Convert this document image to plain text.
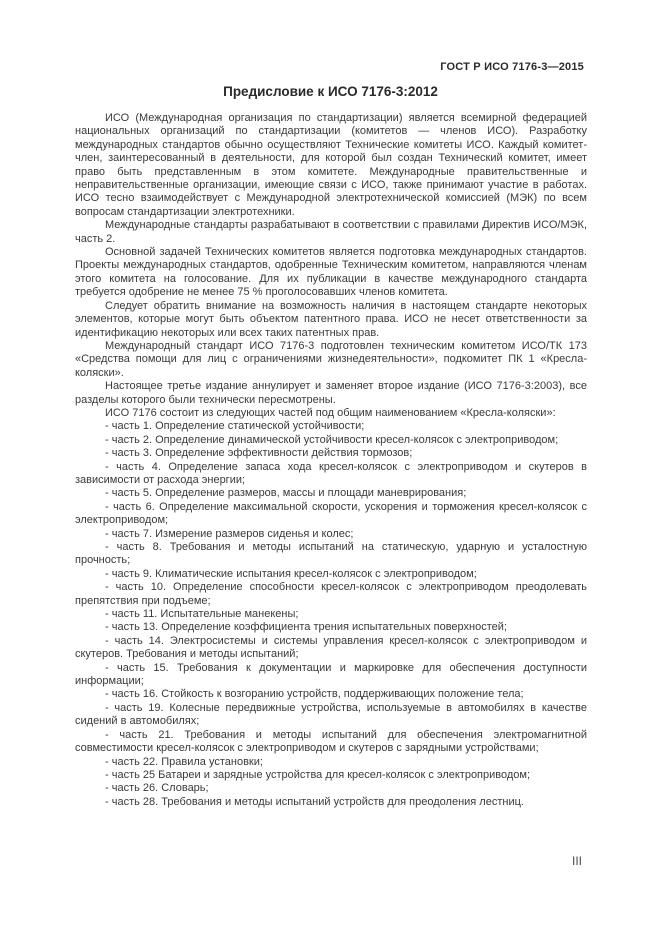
ГОСТ Р ИСО 7176-3—2015
Предисловие к ИСО 7176-3:2012

ИСО (Международная организация по стандартизации) является всемирной федерацией национальных организаций по стандартизации (комитетов — членов ИСО). Разработку международных стандартов обычно осуществляют Технические комитеты ИСО. Каждый комитет-член, заинтересованный в деятельности, для которой был создан Технический комитет, имеет право быть представленным в этом комитете. Международные правительственные и неправительственные организации, имеющие связи с ИСО, также принимают участие в работах. ИСО тесно взаимодействует с Международной электротехнической комиссией (МЭК) по всем вопросам стандартизации электротехники.

Международные стандарты разрабатывают в соответствии с правилами Директив ИСО/МЭК, часть 2.

Основной задачей Технических комитетов является подготовка международных стандартов. Проекты международных стандартов, одобренные Техническим комитетом, направляются членам этого комитета на голосование. Для их публикации в качестве международного стандарта требуется одобрение не менее 75 % проголосовавших членов комитета.

Следует обратить внимание на возможность наличия в настоящем стандарте некоторых элементов, которые могут быть объектом патентного права. ИСО не несет ответственности за идентификацию некоторых или всех таких патентных прав.

Международный стандарт ИСО 7176-3 подготовлен техническим комитетом ИСО/ТК 173 «Средства помощи для лиц с ограничениями жизнедеятельности», подкомитет ПК 1 «Кресла-коляски».

Настоящее третье издание аннулирует и заменяет второе издание (ИСО 7176-3:2003), все разделы которого были технически пересмотрены.

ИСО 7176 состоит из следующих частей под общим наименованием «Кресла-коляски»:

- часть 1. Определение статической устойчивости;

- часть 2. Определение динамической устойчивости кресел-колясок с электроприводом;

- часть 3. Определение эффективности действия тормозов;

- часть 4. Определение запаса хода кресел-колясок с электроприводом и скутеров в зависимости от расхода энергии;

- часть 5. Определение размеров, массы и площади маневрирования;

- часть 6. Определение максимальной скорости, ускорения и торможения кресел-колясок с электроприводом;

- часть 7. Измерение размеров сиденья и колес;

- часть 8. Требования и методы испытаний на статическую, ударную и усталостную прочность;

- часть 9. Климатические испытания кресел-колясок с электроприводом;

- часть 10. Определение способности кресел-колясок с электроприводом преодолевать препятствия при подъеме;

- часть 11. Испытательные манекены;

- часть 13. Определение коэффициента трения испытательных поверхностей;

- часть 14. Электросистемы и системы управления кресел-колясок с электроприводом и скутеров. Требования и методы испытаний;

- часть 15. Требования к документации и маркировке для обеспечения доступности информации;

- часть 16. Стойкость к возгоранию устройств, поддерживающих положение тела;

- часть 19. Колесные передвижные устройства, используемые в автомобилях в качестве сидений в автомобилях;

- часть 21. Требования и методы испытаний для обеспечения электромагнитной совместимости кресел-колясок с электроприводом и скутеров с зарядными устройствами;

- часть 22. Правила установки;

- часть 25 Батареи и зарядные устройства для кресел-колясок с электроприводом;

- часть 26. Словарь;

- часть 28. Требования и методы испытаний устройств для преодоления лестниц.

III
